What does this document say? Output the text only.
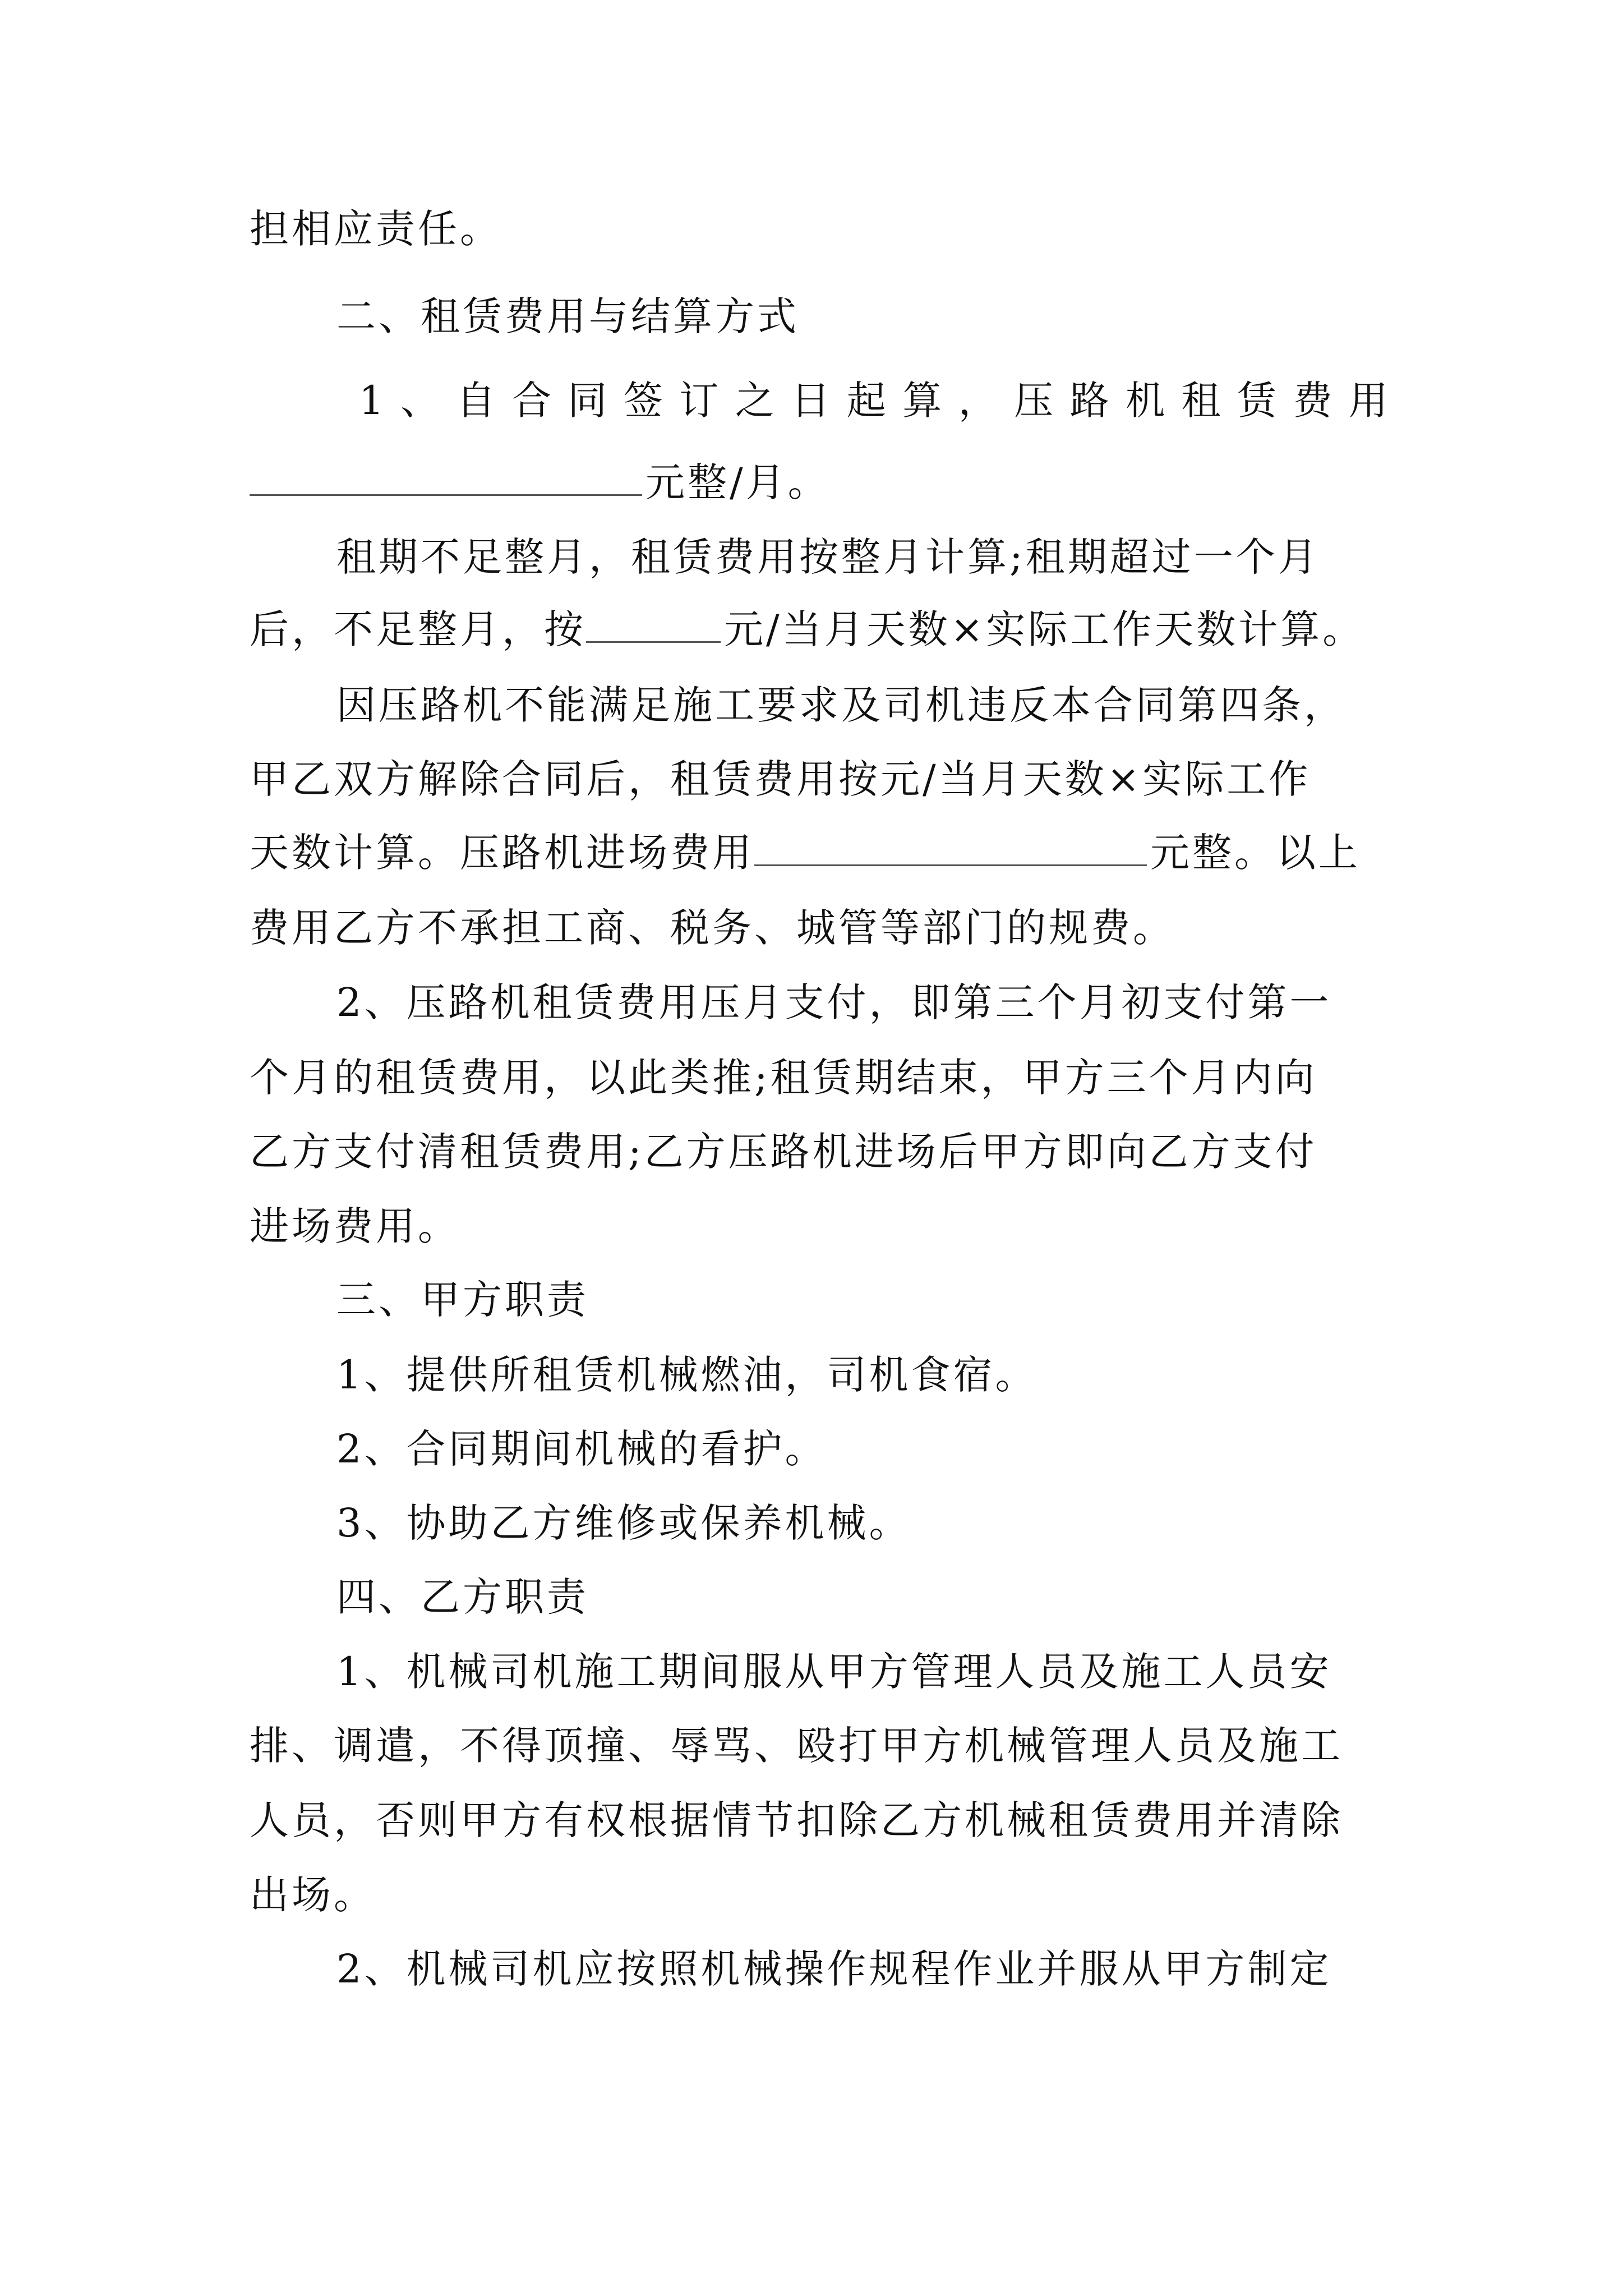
担相应责任。
二、租赁费用与结算方式
1 、 自 合 同 签 订 之 日 起 算 ， 压 路 机 租 赁 费 用
元整/月。
租期不足整月，租赁费用按整月计算;租期超过一个月
后，不足整月，按	元/当月天数×实际工作天数计算。
因压路机不能满足施工要求及司机违反本合同第四条，
甲乙双方解除合同后，租赁费用按元/当月天数×实际工作
天数计算。压路机进场费用	元整。以上
费用乙方不承担工商、税务、城管等部门的规费。
2、压路机租赁费用压月支付，即第三个月初支付第一
个月的租赁费用，以此类推;租赁期结束，甲方三个月内向
乙方支付清租赁费用;乙方压路机进场后甲方即向乙方支付
进场费用。
三、甲方职责
1、提供所租赁机械燃油，司机食宿。
2、合同期间机械的看护。
3、协助乙方维修或保养机械。
四、乙方职责
1、机械司机施工期间服从甲方管理人员及施工人员安
排、调遣，不得顶撞、辱骂、殴打甲方机械管理人员及施工
人员，否则甲方有权根据情节扣除乙方机械租赁费用并清除
出场。
2、机械司机应按照机械操作规程作业并服从甲方制定
